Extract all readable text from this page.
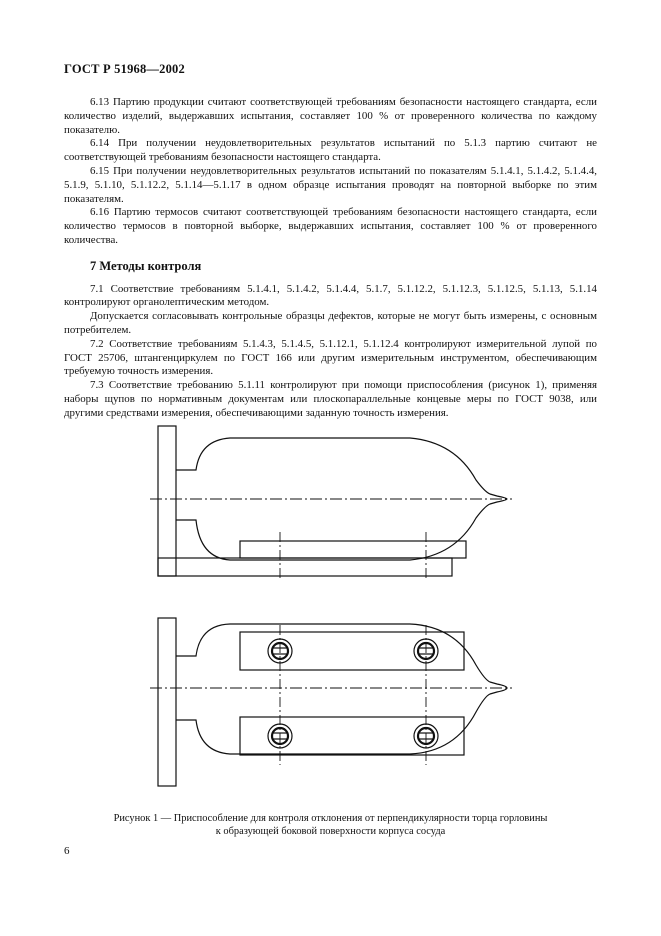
ГОСТ Р 51968—2002

6.13 Партию продукции считают соответствующей требованиям безопасности настоящего стандарта, если количество изделий, выдержавших испытания, составляет 100 % от проверенного количества по каждому показателю.

6.14 При получении неудовлетворительных результатов испытаний по 5.1.3 партию считают не соответствующей требованиям безопасности настоящего стандарта.

6.15 При получении неудовлетворительных результатов испытаний по показателям 5.1.4.1, 5.1.4.2, 5.1.4.4, 5.1.9, 5.1.10, 5.1.12.2, 5.1.14—5.1.17 в одном образце испытания проводят на повторной выборке по этим показателям.

6.16 Партию термосов считают соответствующей требованиям безопасности настоящего стандарта, если количество термосов в повторной выборке, выдержавших испытания, составляет 100 % от проверенного количества.

7 Методы контроля

7.1 Соответствие требованиям 5.1.4.1, 5.1.4.2, 5.1.4.4, 5.1.7, 5.1.12.2, 5.1.12.3, 5.1.12.5, 5.1.13, 5.1.14 контролируют органолептическим методом.

Допускается согласовывать контрольные образцы дефектов, которые не могут быть измерены, с основным потребителем.

7.2 Соответствие требованиям 5.1.4.3, 5.1.4.5, 5.1.12.1, 5.1.12.4 контролируют измерительной лупой по ГОСТ 25706, штангенциркулем по ГОСТ 166 или другим измерительным инструментом, обеспечивающим требуемую точность измерения.

7.3 Соответствие требованию 5.1.11 контролируют при помощи приспособления (рисунок 1), применяя наборы щупов по нормативным документам или плоскопараллельные концевые меры по ГОСТ 9038, или другими средствами измерения, обеспечивающими заданную точность измерения.

Рисунок 1 — Приспособление для контроля отклонения от перпендикулярности торца горловины
к образующей боковой поверхности корпуса сосуда
6
